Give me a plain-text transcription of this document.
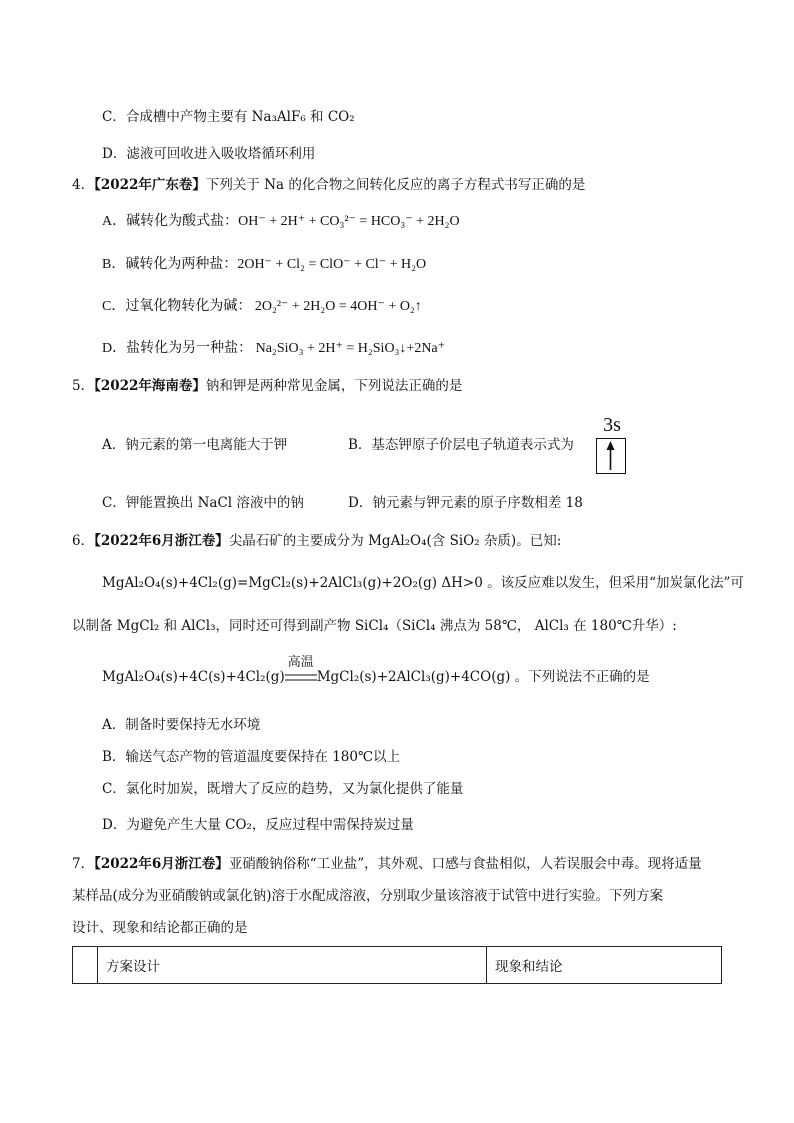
C．合成槽中产物主要有 Na₃AlF₆ 和 CO₂
D．滤液可回收进入吸收塔循环利用
4．【2022年广东卷】下列关于 Na 的化合物之间转化反应的离子方程式书写正确的是
A．碱转化为酸式盐：OH⁻ + 2H⁺ + CO₃²⁻ = HCO₃⁻ + 2H₂O
B．碱转化为两种盐：2OH⁻ + Cl₂ = ClO⁻ + Cl⁻ + H₂O
C．过氧化物转化为碱： 2O₂²⁻ + 2H₂O = 4OH⁻ + O₂↑
D．盐转化为另一种盐： Na₂SiO₃ + 2H⁺ = H₂SiO₃↓+2Na⁺
5．【2022年海南卷】钠和钾是两种常见金属，下列说法正确的是
A．钠元素的第一电离能大于钾	B．基态钾原子价层电子轨道表示式为
3s
C．钾能置换出 NaCl 溶液中的钠	D．钠元素与钾元素的原子序数相差 18
6．【2022年6月浙江卷】尖晶石矿的主要成分为 MgAl₂O₄(含 SiO₂ 杂质)。已知:
MgAl₂O₄(s)+4Cl₂(g)=MgCl₂(s)+2AlCl₃(g)+2O₂(g) ΔH>0 。该反应难以发生，但采用“加炭氯化法”可
以制备 MgCl₂ 和 AlCl₃，同时还可得到副产物 SiCl₄（SiCl₄ 沸点为 58℃， AlCl₃ 在 180℃升华）:
MgAl₂O₄(s)+4C(s)+4Cl₂(g)
高温
MgCl₂(s)+2AlCl₃(g)+4CO(g) 。下列说法不正确的是
A．制备时要保持无水环境
B．输送气态产物的管道温度要保持在 180℃以上
C．氯化时加炭，既增大了反应的趋势，又为氯化提供了能量
D．为避免产生大量 CO₂，反应过程中需保持炭过量
7．【2022年6月浙江卷】亚硝酸钠俗称“工业盐”，其外观、口感与食盐相似，人若误服会中毒。现将适量
某样品(成分为亚硝酸钠或氯化钠)溶于水配成溶液，分别取少量该溶液于试管中进行实验。下列方案
设计、现象和结论都正确的是
	方案设计	现象和结论
